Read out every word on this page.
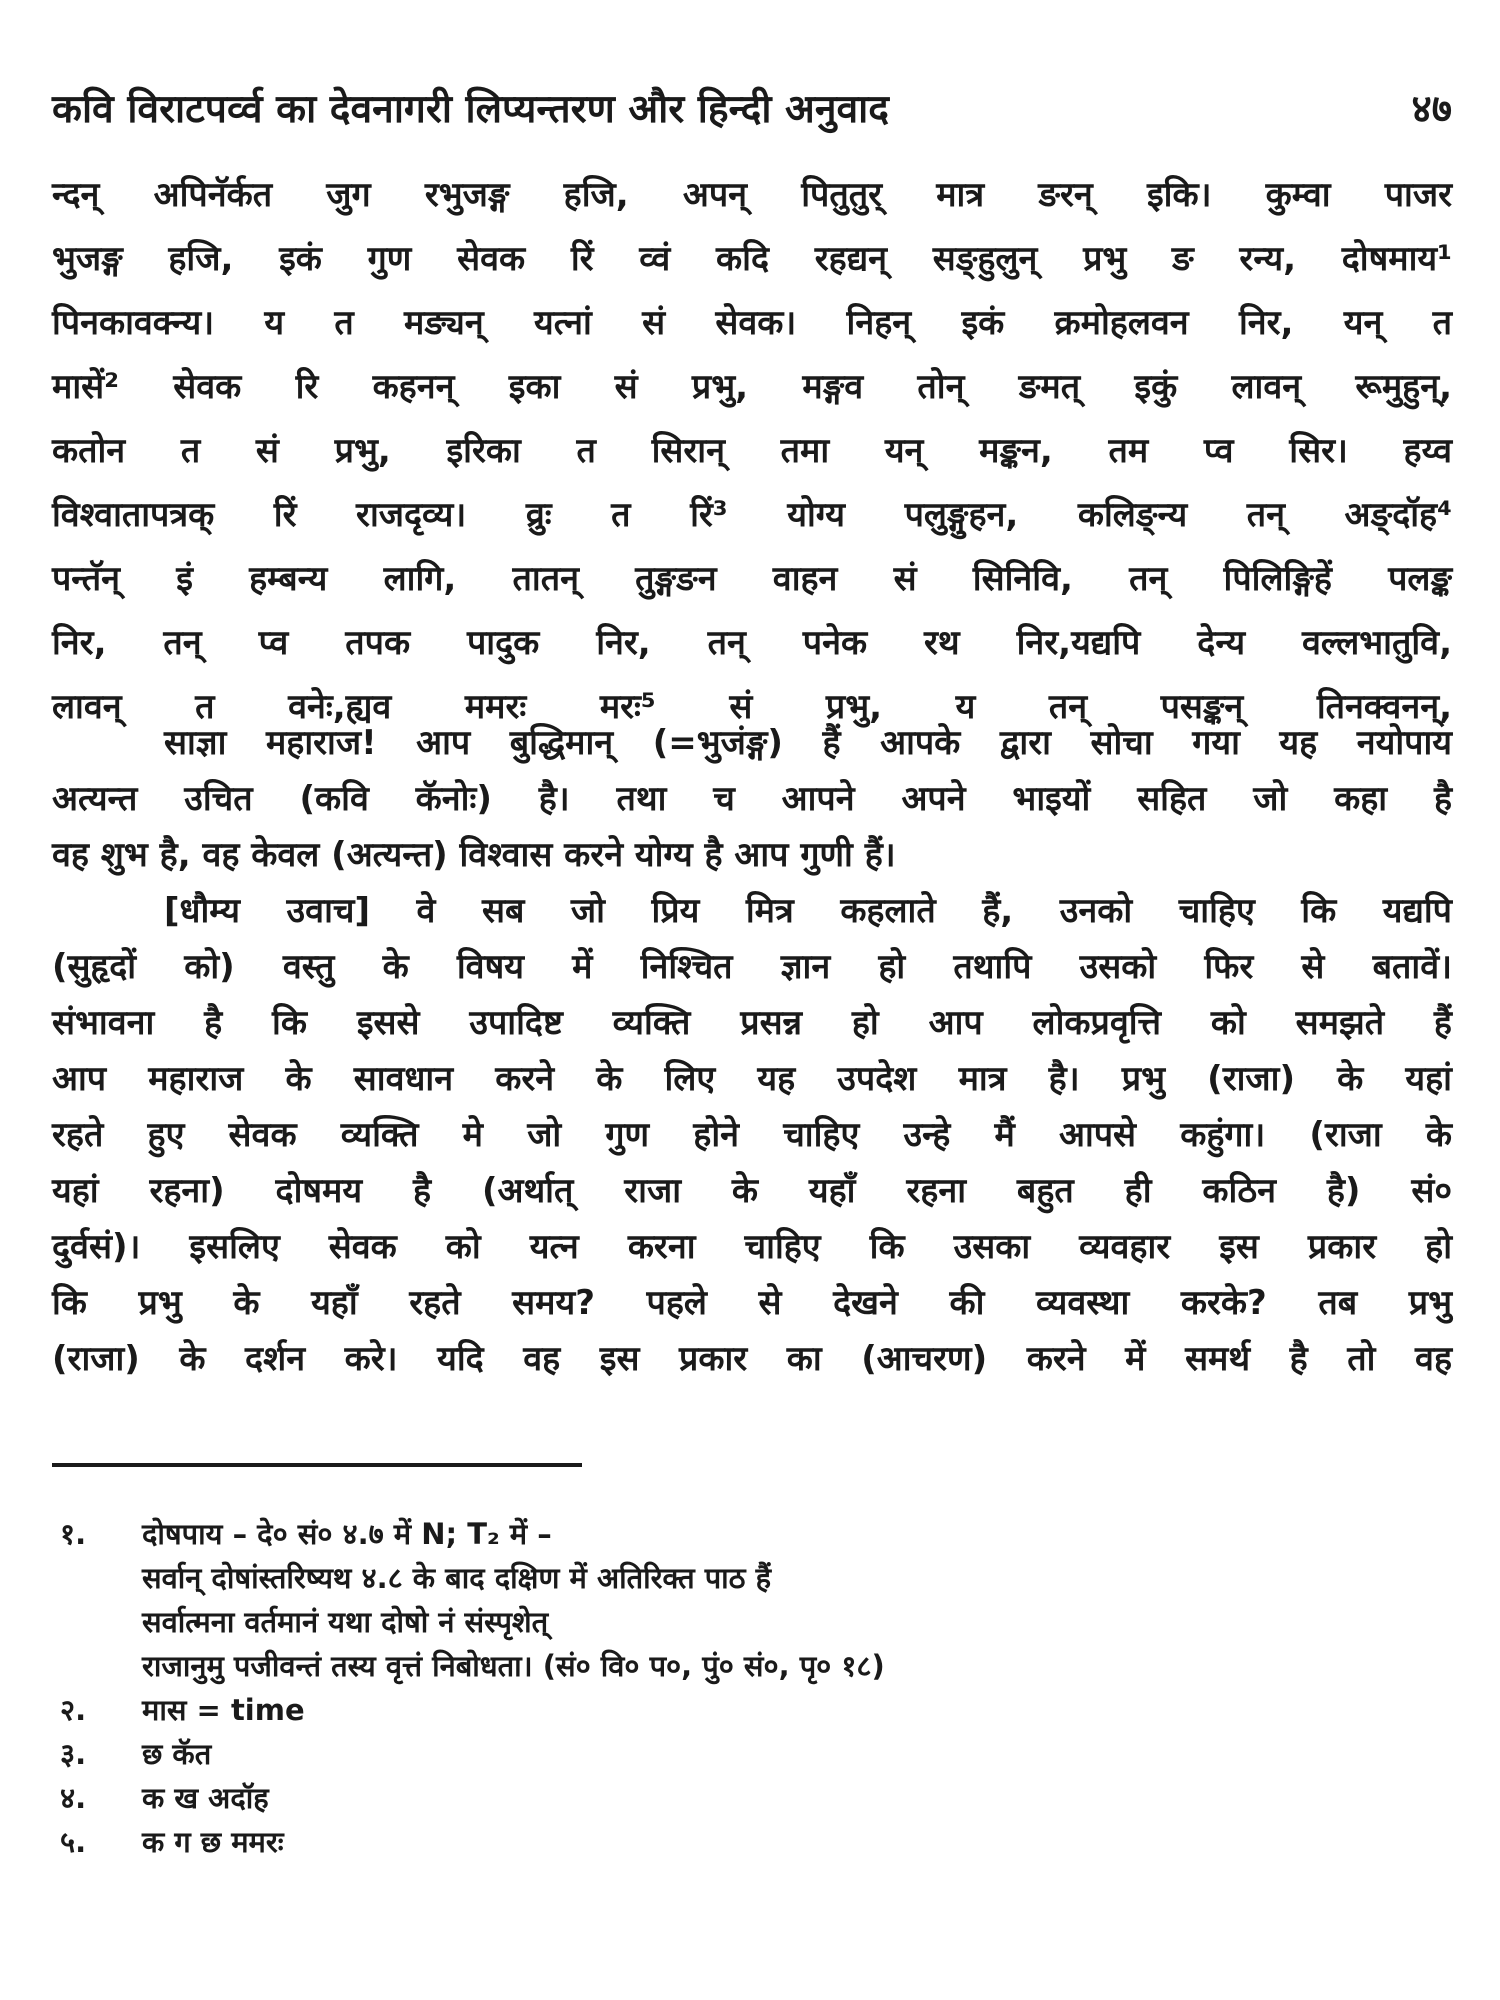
कवि विराटपर्व्व का देवनागरी लिप्यन्तरण और हिन्दी अनुवाद	४७
न्दन् अपिनॅर्कत जुग रभुजङ्ग हजि, अपन् पितुतुर् मात्र ङरन् इकि। कुम्वा पाजर
भुजङ्ग हजि, इकं गुण सेवक रिं व्वं कदि रहद्यन् सङ्हुलुन् प्रभु ङ रन्य, दोषमाय¹
पिनकावक्न्य। य त मङ्यन् यत्नां सं सेवक। निहन् इकं क्रमोहलवन निर, यन् त
मासें² सेवक रि कहनन् इका सं प्रभु, मङ्गव तोन् ङमत् इकुं लावन् रूमुहुन्,
कतोन त सं प्रभु, इरिका त सिरान् तमा यन् मङ्कन, तम प्व सिर। हय्व
विश्वातापत्रक् रिं राजदृव्य। व्रुः त रिं³ योग्य पलुङ्गुहन, कलिङ्न्य तन् अङ्दॉह⁴
पन्तॅन् इं हम्बन्य लागि, तातन् तुङ्गङन वाहन सं सिनिवि, तन् पिलिङ्गिहें पलङ्क
निर, तन् प्व तपक पादुक निर, तन् पनेक रथ निर,यद्यपि देन्य वल्लभातुवि,
लावन् त वनेः,ह्यव ममरः मरः⁵ सं प्रभु, य तन् पसङ्कन् तिनक्वनन्,
साज्ञा महाराज! आप बुद्धिमान् (=भुजंङ्ग) हैं आपके द्वारा सोचा गया यह नयोपाय
अत्यन्त उचित (कवि कॅनोः) है। तथा च आपने अपने भाइयों सहित जो कहा है
वह शुभ है, वह केवल (अत्यन्त) विश्वास करने योग्य है आप गुणी हैं।
[धौम्य उवाच] वे सब जो प्रिय मित्र कहलाते हैं, उनको चाहिए कि यद्यपि
(सुहृदों को) वस्तु के विषय में निश्चित ज्ञान हो तथापि उसको फिर से बतावें।
संभावना है कि इससे उपादिष्ट व्यक्ति प्रसन्न हो आप लोकप्रवृत्ति को समझते हैं
आप महाराज के सावधान करने के लिए यह उपदेश मात्र है। प्रभु (राजा) के यहां
रहते हुए सेवक व्यक्ति मे जो गुण होने चाहिए उन्हे मैं आपसे कहुंगा। (राजा के
यहां रहना) दोषमय है (अर्थात् राजा के यहाँ रहना बहुत ही कठिन है) सं०
दुर्वसं)। इसलिए सेवक को यत्न करना चाहिए कि उसका व्यवहार इस प्रकार हो
कि प्रभु के यहाँ रहते समय? पहले से देखने की व्यवस्था करके? तब प्रभु
(राजा) के दर्शन करे। यदि वह इस प्रकार का (आचरण) करने में समर्थ है तो वह
१. दोषपाय – दे० सं० ४.७ में N; T₂ में –
सर्वान् दोषांस्तरिष्यथ ४.८ के बाद दक्षिण में अतिरिक्त पाठ हैं
सर्वात्मना वर्तमानं यथा दोषो नं संस्पृशेत्
राजानुमु पजीवन्तं तस्य वृत्तं निबोधता। (सं० वि० प०, पुं० सं०, पृ० १८)
२. मास = time
३. छ कॅत
४. क ख अदॉह
५. क ग छ ममरः
